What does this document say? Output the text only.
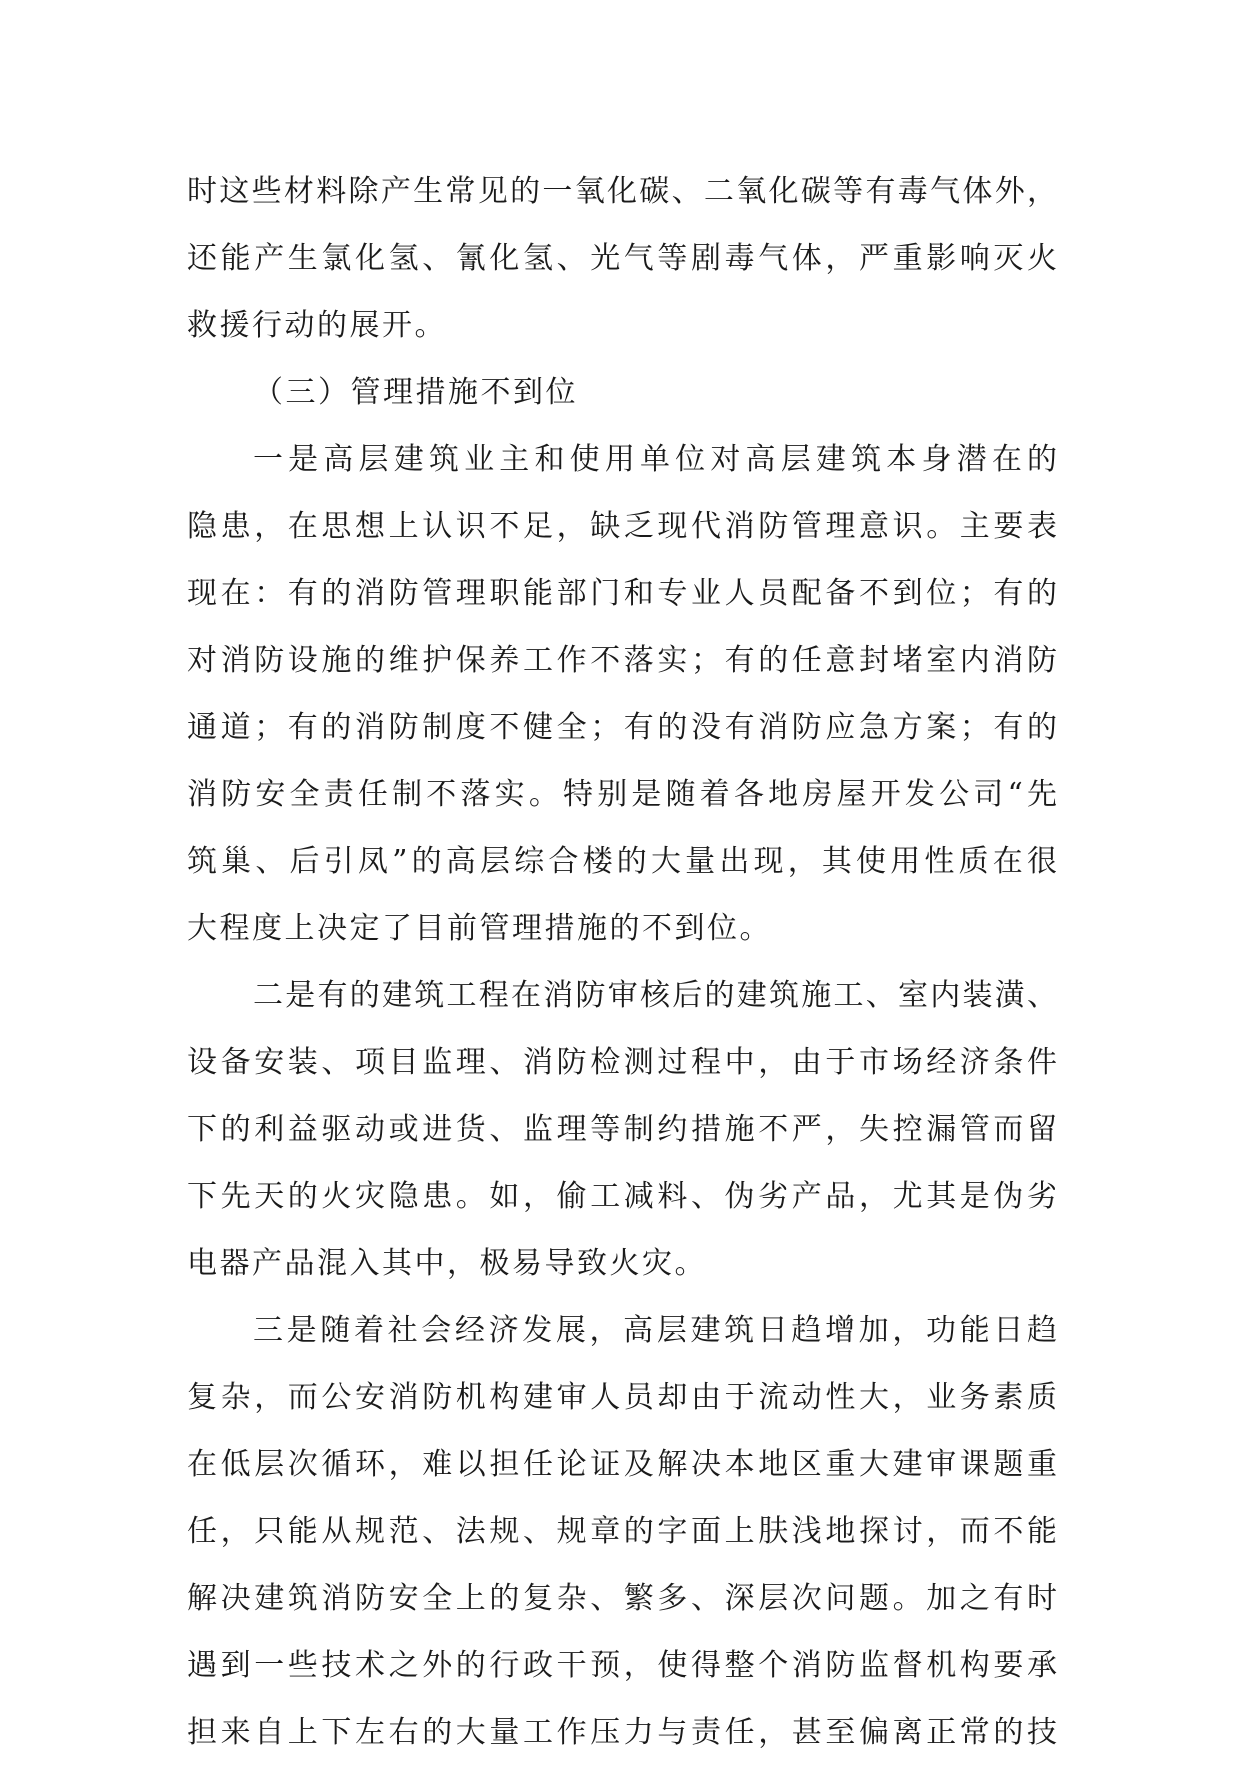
时这些材料除产生常见的一氧化碳、二氧化碳等有毒气体外，
还能产生氯化氢、氰化氢、光气等剧毒气体，严重影响灭火
救援行动的展开。
（三）管理措施不到位
一是高层建筑业主和使用单位对高层建筑本身潜在的
隐患，在思想上认识不足，缺乏现代消防管理意识。主要表
现在：有的消防管理职能部门和专业人员配备不到位；有的
对消防设施的维护保养工作不落实；有的任意封堵室内消防
通道；有的消防制度不健全；有的没有消防应急方案；有的
消防安全责任制不落实。特别是随着各地房屋开发公司“先
筑巢、后引凤”的高层综合楼的大量出现，其使用性质在很
大程度上决定了目前管理措施的不到位。
二是有的建筑工程在消防审核后的建筑施工、室内装潢、
设备安装、项目监理、消防检测过程中，由于市场经济条件
下的利益驱动或进货、监理等制约措施不严，失控漏管而留
下先天的火灾隐患。如，偷工减料、伪劣产品，尤其是伪劣
电器产品混入其中，极易导致火灾。
三是随着社会经济发展，高层建筑日趋增加，功能日趋
复杂，而公安消防机构建审人员却由于流动性大，业务素质
在低层次循环，难以担任论证及解决本地区重大建审课题重
任，只能从规范、法规、规章的字面上肤浅地探讨，而不能
解决建筑消防安全上的复杂、繁多、深层次问题。加之有时
遇到一些技术之外的行政干预，使得整个消防监督机构要承
担来自上下左右的大量工作压力与责任，甚至偏离正常的技
